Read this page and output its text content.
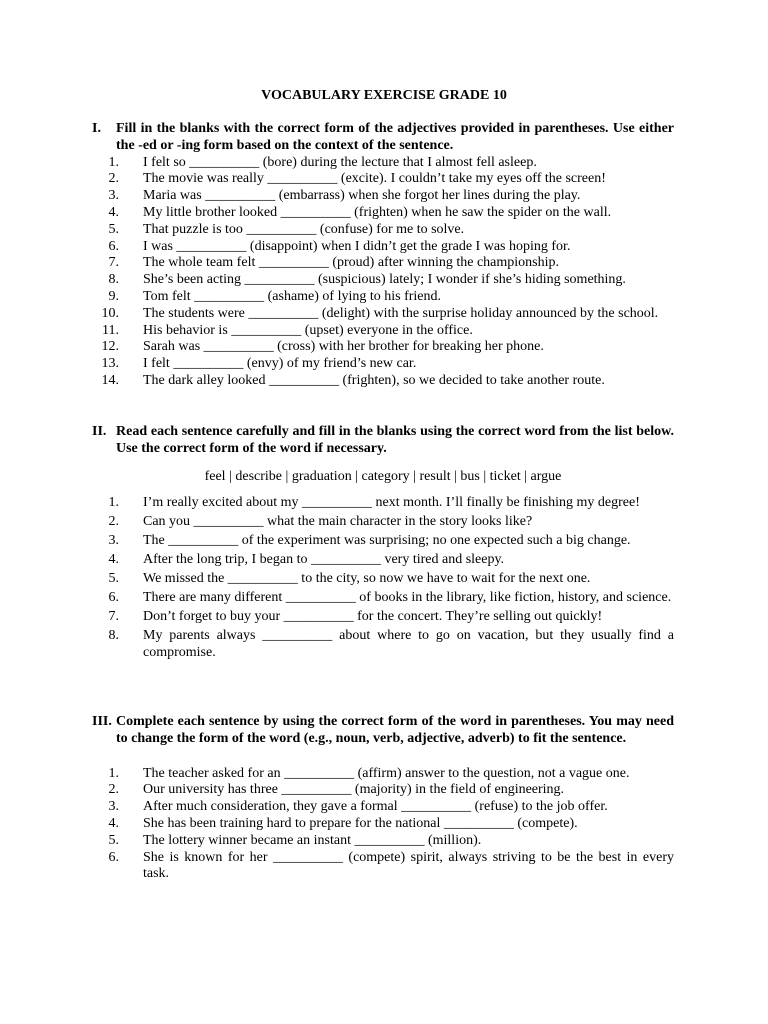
VOCABULARY EXERCISE GRADE 10
I.	Fill in the blanks with the correct form of the adjectives provided in parentheses. Use either the -ed or -ing form based on the context of the sentence.
1.	I felt so __________ (bore) during the lecture that I almost fell asleep.
2.	The movie was really __________ (excite). I couldn’t take my eyes off the screen!
3.	Maria was __________ (embarrass) when she forgot her lines during the play.
4.	My little brother looked __________ (frighten) when he saw the spider on the wall.
5.	That puzzle is too __________ (confuse) for me to solve.
6.	I was __________ (disappoint) when I didn’t get the grade I was hoping for.
7.	The whole team felt __________ (proud) after winning the championship.
8.	She’s been acting __________ (suspicious) lately; I wonder if she’s hiding something.
9.	Tom felt __________ (ashame) of lying to his friend.
10.	The students were __________ (delight) with the surprise holiday announced by the school.
11.	His behavior is __________ (upset) everyone in the office.
12.	Sarah was __________ (cross) with her brother for breaking her phone.
13.	I felt __________ (envy) of my friend’s new car.
14.	The dark alley looked __________ (frighten), so we decided to take another route.
II. Read each sentence carefully and fill in the blanks using the correct word from the list below. Use the correct form of the word if necessary.
feel | describe | graduation | category | result | bus | ticket | argue
1.	I’m really excited about my __________ next month. I’ll finally be finishing my degree!
2.	Can you __________ what the main character in the story looks like?
3.	The __________ of the experiment was surprising; no one expected such a big change.
4.	After the long trip, I began to __________ very tired and sleepy.
5.	We missed the __________ to the city, so now we have to wait for the next one.
6.	There are many different __________ of books in the library, like fiction, history, and science.
7.	Don’t forget to buy your __________ for the concert. They’re selling out quickly!
8.	My parents always __________ about where to go on vacation, but they usually find a compromise.
III. Complete each sentence by using the correct form of the word in parentheses. You may need to change the form of the word (e.g., noun, verb, adjective, adverb) to fit the sentence.
1.	The teacher asked for an __________ (affirm) answer to the question, not a vague one.
2.	Our university has three __________ (majority) in the field of engineering.
3.	After much consideration, they gave a formal __________ (refuse) to the job offer.
4.	She has been training hard to prepare for the national __________ (compete).
5.	The lottery winner became an instant __________ (million).
6.	She is known for her __________ (compete) spirit, always striving to be the best in every task.
